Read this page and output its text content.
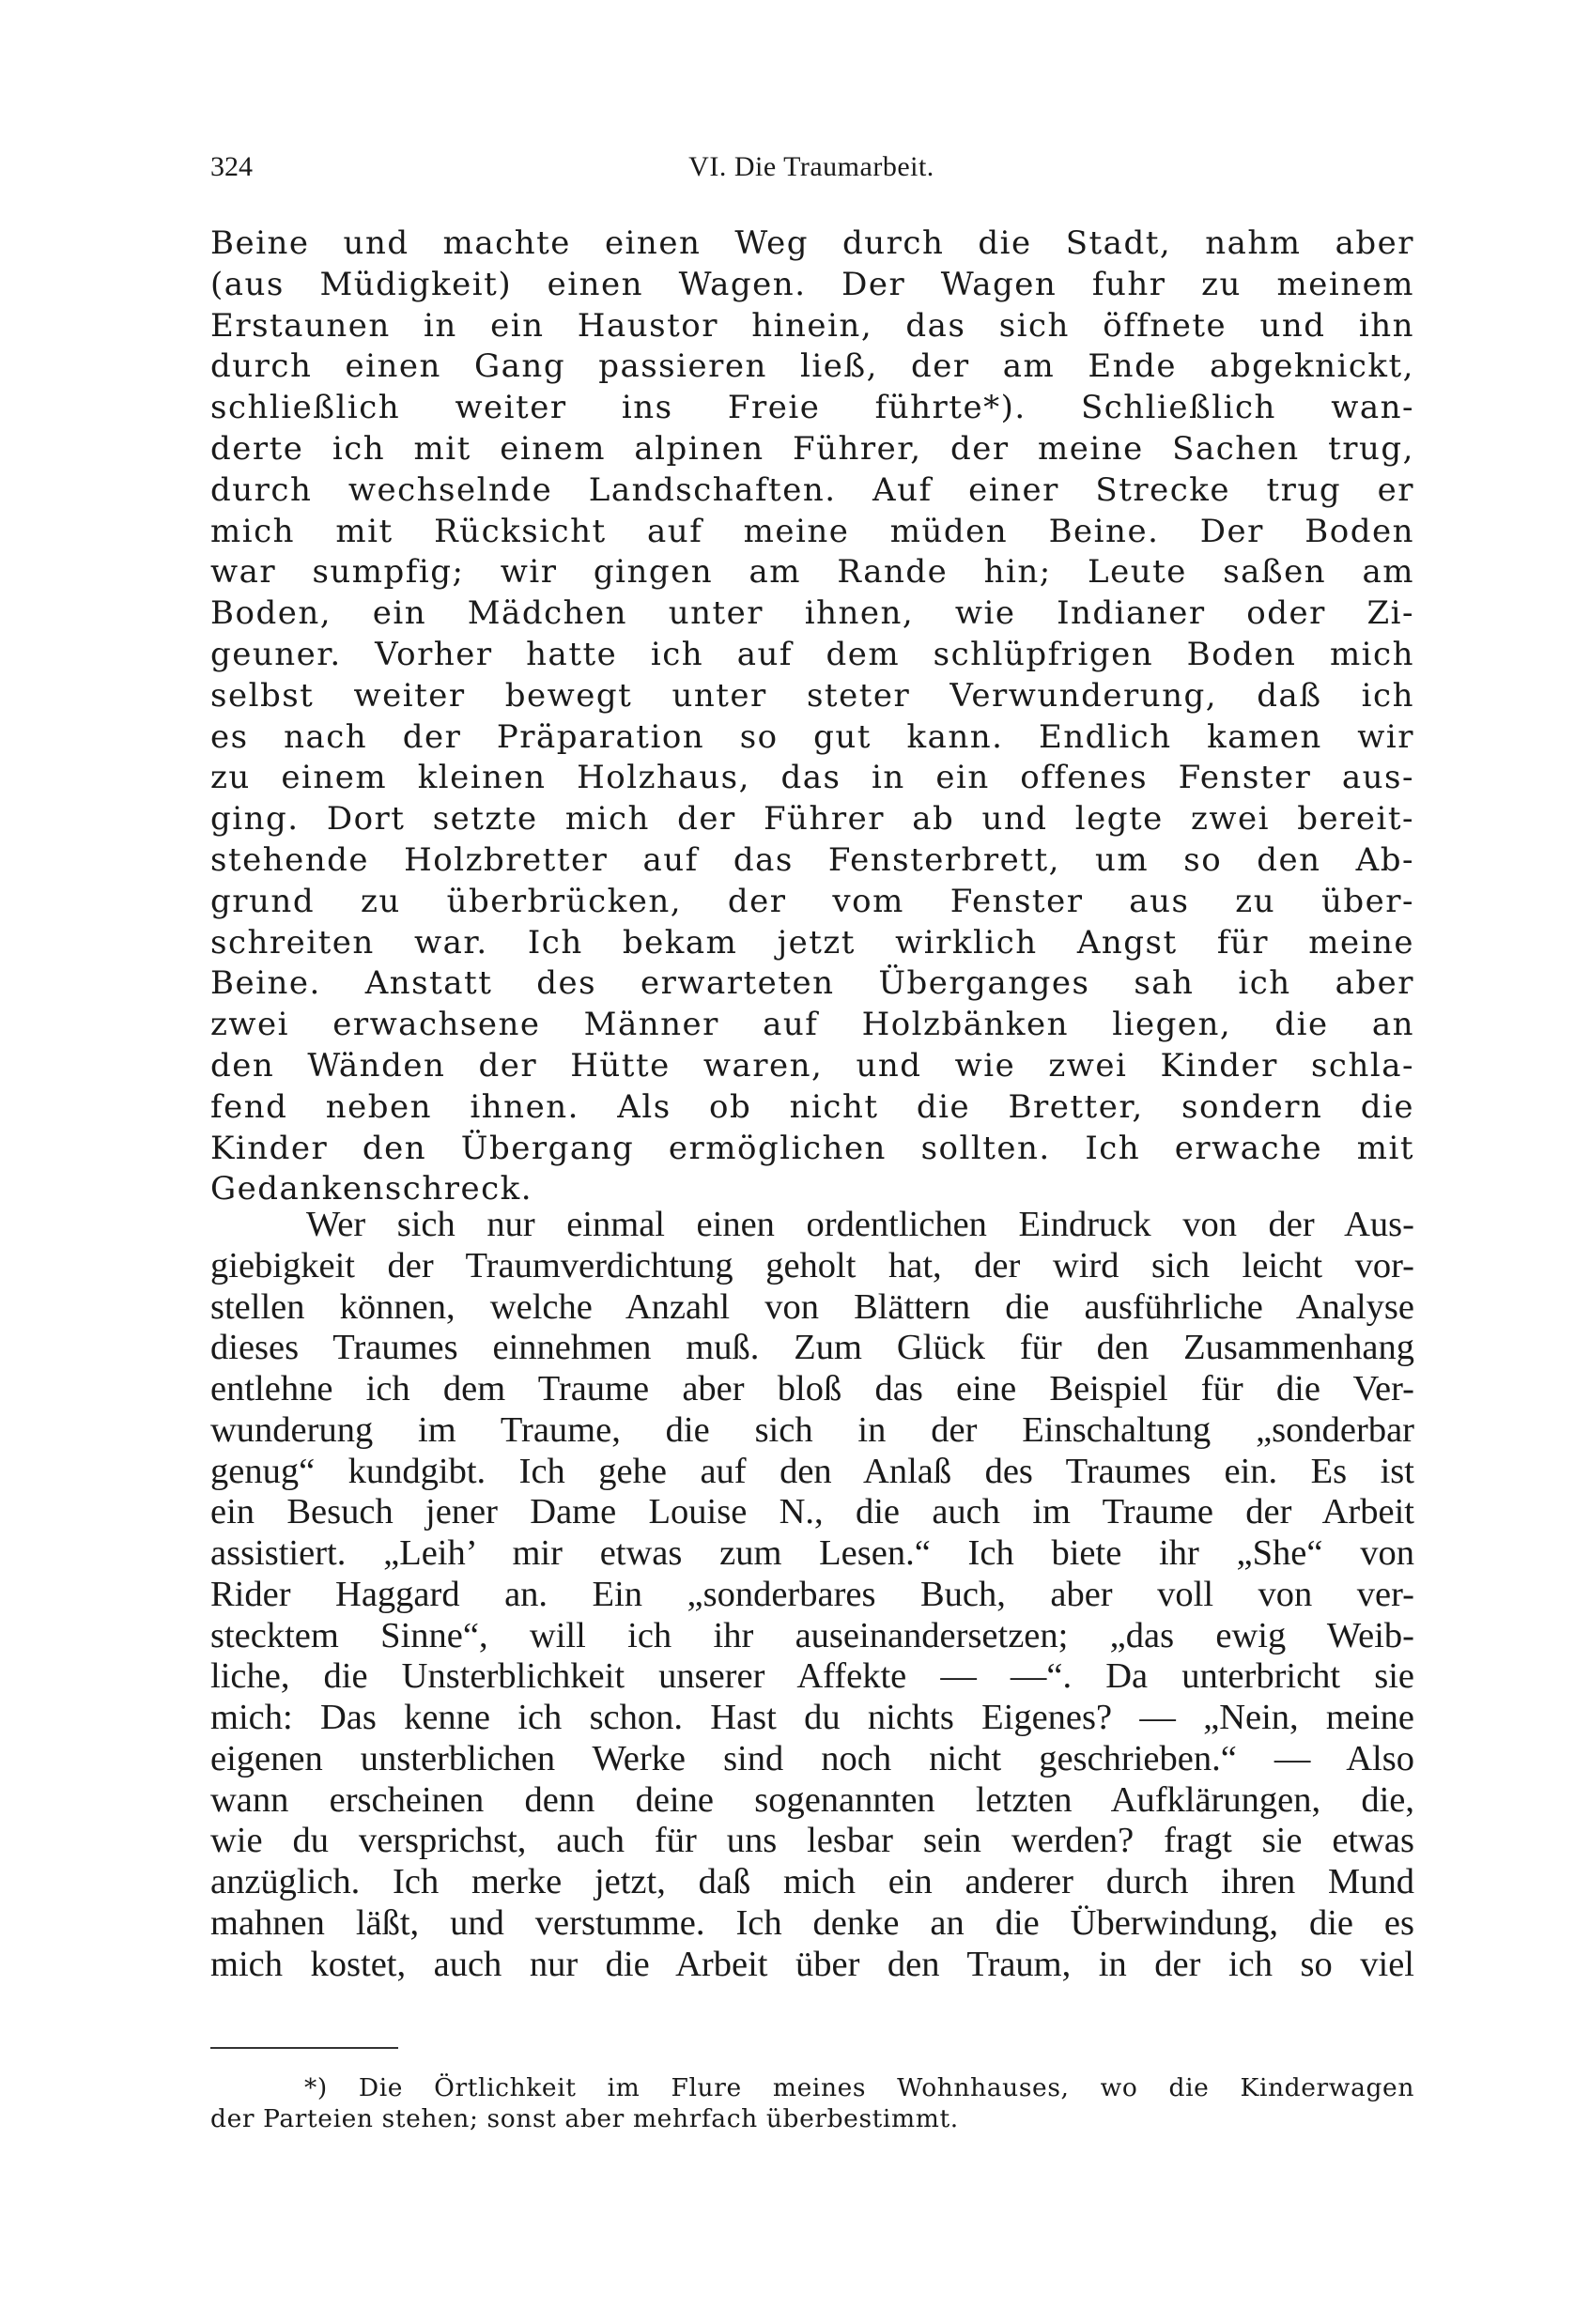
324	VI. Die Traumarbeit.
Beine und machte einen Weg durch die Stadt, nahm aber
(aus Müdigkeit) einen Wagen. Der Wagen fuhr zu meinem
Erstaunen in ein Haustor hinein, das sich öffnete und ihn
durch einen Gang passieren ließ, der am Ende abgeknickt,
schließlich weiter ins Freie führte*). Schließlich wan-
derte ich mit einem alpinen Führer, der meine Sachen trug,
durch wechselnde Landschaften. Auf einer Strecke trug er
mich mit Rücksicht auf meine müden Beine. Der Boden
war sumpfig; wir gingen am Rande hin; Leute saßen am
Boden, ein Mädchen unter ihnen, wie Indianer oder Zi-
geuner. Vorher hatte ich auf dem schlüpfrigen Boden mich
selbst weiter bewegt unter steter Verwunderung, daß ich
es nach der Präparation so gut kann. Endlich kamen wir
zu einem kleinen Holzhaus, das in ein offenes Fenster aus-
ging. Dort setzte mich der Führer ab und legte zwei bereit-
stehende Holzbretter auf das Fensterbrett, um so den Ab-
grund zu überbrücken, der vom Fenster aus zu über-
schreiten war. Ich bekam jetzt wirklich Angst für meine
Beine. Anstatt des erwarteten Überganges sah ich aber
zwei erwachsene Männer auf Holzbänken liegen, die an
den Wänden der Hütte waren, und wie zwei Kinder schla-
fend neben ihnen. Als ob nicht die Bretter, sondern die
Kinder den Übergang ermöglichen sollten. Ich erwache mit
Gedankenschreck.
Wer sich nur einmal einen ordentlichen Eindruck von der Aus-
giebigkeit der Traumverdichtung geholt hat, der wird sich leicht vor-
stellen können, welche Anzahl von Blättern die ausführliche Analyse
dieses Traumes einnehmen muß. Zum Glück für den Zusammenhang
entlehne ich dem Traume aber bloß das eine Beispiel für die Ver-
wunderung im Traume, die sich in der Einschaltung „sonderbar
genug“ kundgibt. Ich gehe auf den Anlaß des Traumes ein. Es ist
ein Besuch jener Dame Louise N., die auch im Traume der Arbeit
assistiert. „Leih’ mir etwas zum Lesen.“ Ich biete ihr „She“ von
Rider Haggard an. Ein „sonderbares Buch, aber voll von ver-
stecktem Sinne“, will ich ihr auseinandersetzen; „das ewig Weib-
liche, die Unsterblichkeit unserer Affekte — —“. Da unterbricht sie
mich: Das kenne ich schon. Hast du nichts Eigenes? — „Nein, meine
eigenen unsterblichen Werke sind noch nicht geschrieben.“ — Also
wann erscheinen denn deine sogenannten letzten Aufklärungen, die,
wie du versprichst, auch für uns lesbar sein werden? fragt sie etwas
anzüglich. Ich merke jetzt, daß mich ein anderer durch ihren Mund
mahnen läßt, und verstumme. Ich denke an die Überwindung, die es
mich kostet, auch nur die Arbeit über den Traum, in der ich so viel
*) Die Örtlichkeit im Flure meines Wohnhauses, wo die Kinderwagen
der Parteien stehen; sonst aber mehrfach überbestimmt.
